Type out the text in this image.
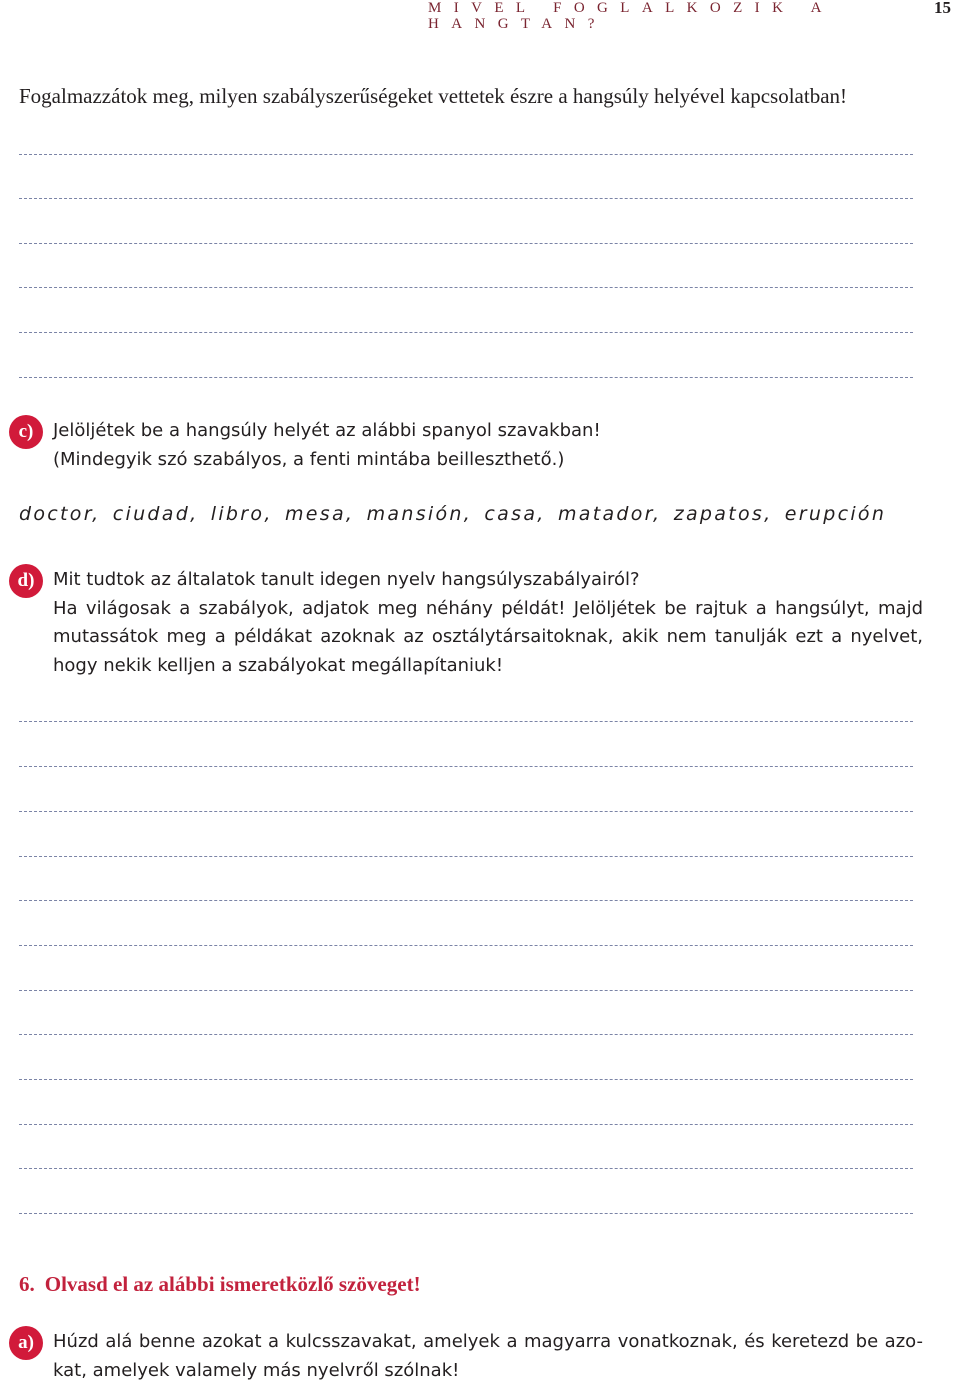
MIVEL FOGLALKOZIK A HANGTAN?
15
Fogalmazzátok meg, milyen szabályszerűségeket vettetek észre a hangsúly helyével kapcsolatban!
c)	Jelöljétek be a hangsúly helyét az alábbi spanyol szavakban!
(Mindegyik szó szabályos, a fenti mintába beilleszthető.)
doctor, ciudad, libro, mesa, mansión, casa, matador, zapatos, erupción
d)	Mit tudtok az általatok tanult idegen nyelv hangsúlyszabályairól?
Ha világosak a szabályok, adjatok meg néhány példát! Jelöljétek be rajtuk a hangsúlyt, majd
mutassátok meg a példákat azoknak az osztálytársaitoknak, akik nem tanulják ezt a nyelvet,
hogy nekik kelljen a szabályokat megállapítaniuk!
6. Olvasd el az alábbi ismeretközlő szöveget!
a)	Húzd alá benne azokat a kulcsszavakat, amelyek a magyarra vonatkoznak, és keretezd be azo-
kat, amelyek valamely más nyelvről szólnak!
